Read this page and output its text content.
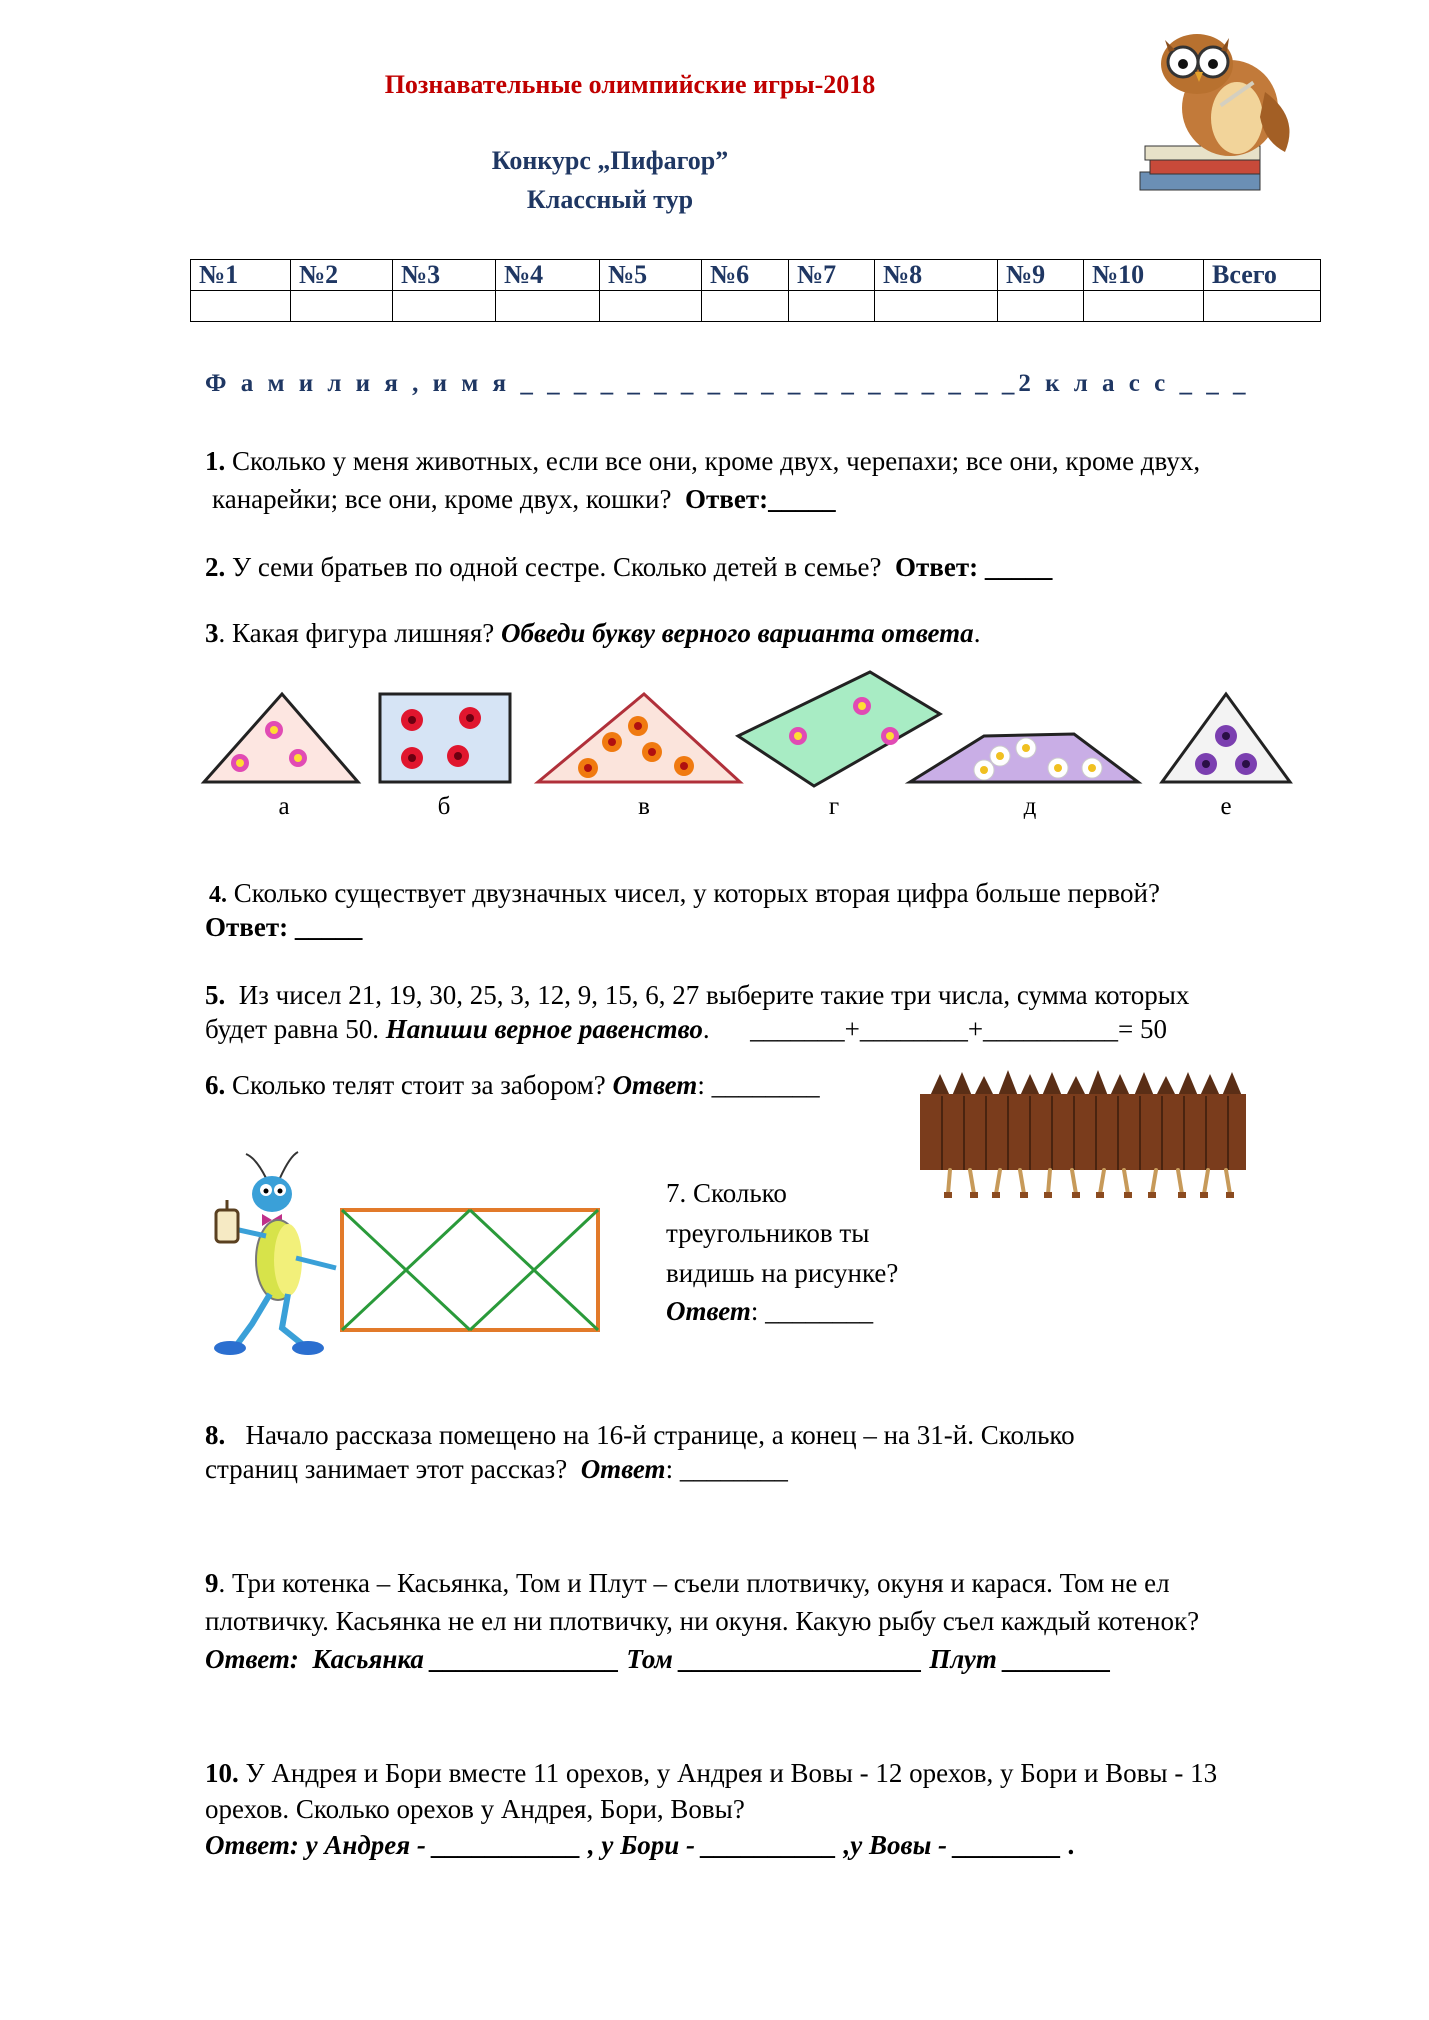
Познавательные олимпийские игры-2018
Конкурс „Пифагор”
Классный тур
№1	№2	№3	№4	№5	№6	№7	№8	№9	№10	Всего

Ф а м и л и я , и м я _ _ _ _ _ _ _ _ _ _ _ _ _ _ _ _ _ _ _2 к л а с с _ _ _
1. Сколько у меня животных, если все они, кроме двух, черепахи; все они, кроме двух,
канарейки; все они, кроме двух, кошки? Ответ:_____
2. У семи братьев по одной сестре. Сколько детей в семье? Ответ: _____
3. Какая фигура лишняя? Обведи букву верного варианта ответа.
а	б	в	г	д	е
4. Сколько существует двузначных чисел, у которых вторая цифра больше первой?
Ответ: _____
5. Из чисел 21, 19, 30, 25, 3, 12, 9, 15, 6, 27 выберите такие три числа, сумма которых
будет равна 50. Напиши верное равенство.      _______+________+__________= 50
6. Сколько телят стоит за забором? Ответ: ________
7. Сколько
треугольников ты
видишь на рисунке?
Ответ: ________
8. Начало рассказа помещено на 16-й странице, а конец – на 31-й. Сколько
страниц занимает этот рассказ? Ответ: ________
9. Три котенка – Касьянка, Том и Плут – съели плотвичку, окуня и карася. Том не ел
плотвичку. Касьянка не ел ни плотвичку, ни окуня. Какую рыбу съел каждый котенок?
Ответ:  Касьянка ______________ Том __________________ Плут ________
10. У Андрея и Бори вместе 11 орехов, у Андрея и Вовы - 12 орехов, у Бори и Вовы - 13
орехов. Сколько орехов у Андрея, Бори, Вовы?
Ответ: у Андрея - ___________ , у Бори - __________ ,у Вовы - ________ .
